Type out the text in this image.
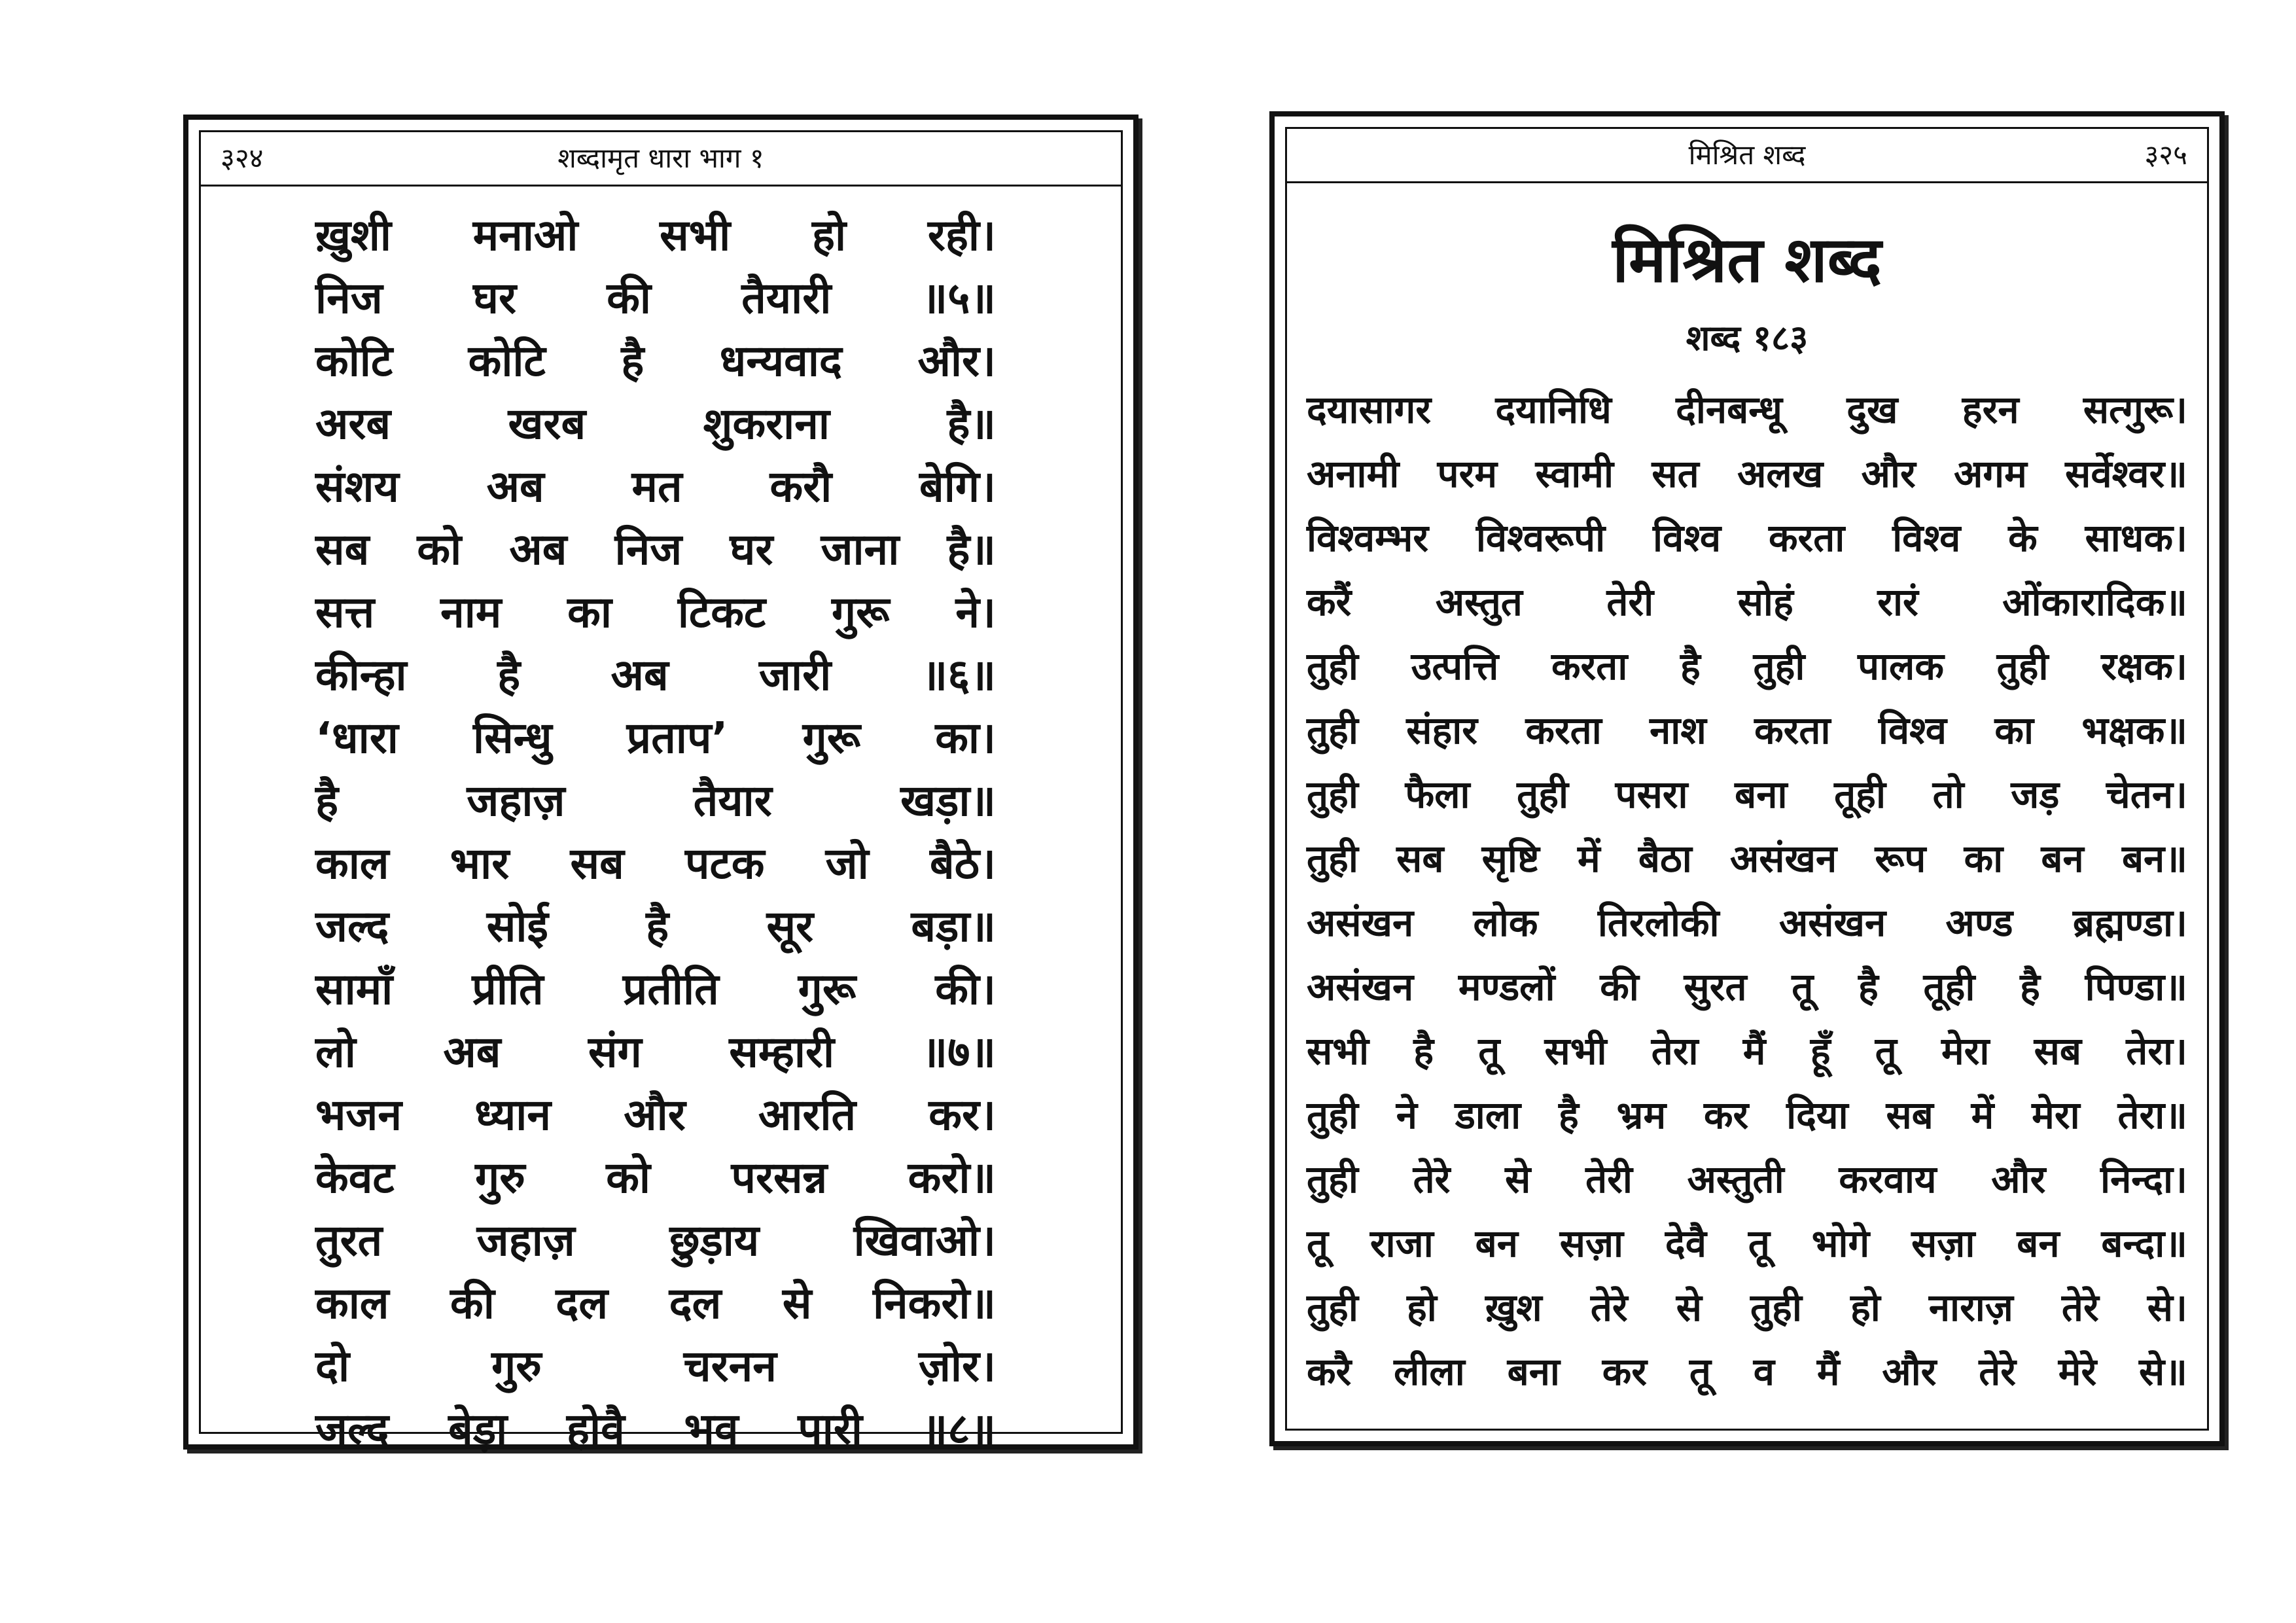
३२४	शब्दामृत धारा भाग १
ख़ुशी मनाओ सभी हो रही।
निज घर की तैयारी ॥५॥
कोटि कोटि है धन्यवाद और।
अरब खरब शुकराना है॥
संशय अब मत करौ बेगि।
सब को अब निज घर जाना है॥
सत्त नाम का टिकट गुरू ने।
कीन्हा है अब जारी ॥६॥
‘धारा सिन्धु प्रताप’ गुरू का।
है जहाज़ तैयार खड़ा॥
काल भार सब पटक जो बैठे।
जल्द सोई है सूर बड़ा॥
सामाँ प्रीति प्रतीति गुरू की।
लो अब संग सम्हारी ॥७॥
भजन ध्यान और आरति कर।
केवट गुरु को परसन्न करो॥
तुरत जहाज़ छुड़ाय खिवाओ।
काल की दल दल से निकरो॥
दो गुरु चरनन ज़ोर।
जल्द बेड़ा होवै भव पारी ॥८॥
मिश्रित शब्द	३२५
मिश्रित शब्द
शब्द १८३
दयासागर दयानिधि दीनबन्धू दुख हरन सत्गुरू।
अनामी परम स्वामी सत अलख और अगम सर्वेश्वर॥
विश्वम्भर विश्वरूपी विश्व करता विश्व के साधक।
करैं अस्तुत तेरी सोहं रारं ओंकारादिक॥
तुही उत्पत्ति करता है तुही पालक तुही रक्षक।
तुही संहार करता नाश करता विश्व का भक्षक॥
तुही फैला तुही पसरा बना तूही तो जड़ चेतन।
तुही सब सृष्टि में बैठा असंखन रूप का बन बन॥
असंखन लोक तिरलोकी असंखन अण्ड ब्रह्मण्डा।
असंखन मण्डलों की सुरत तू है तूही है पिण्डा॥
सभी है तू सभी तेरा मैं हूँ तू मेरा सब तेरा।
तुही ने डाला है भ्रम कर दिया सब में मेरा तेरा॥
तुही तेरे से तेरी अस्तुती करवाय और निन्दा।
तू राजा बन सज़ा देवै तू भोगे सज़ा बन बन्दा॥
तुही हो ख़ुश तेरे से तुही हो नाराज़ तेरे से।
करै लीला बना कर तू व मैं और तेरे मेरे से॥
